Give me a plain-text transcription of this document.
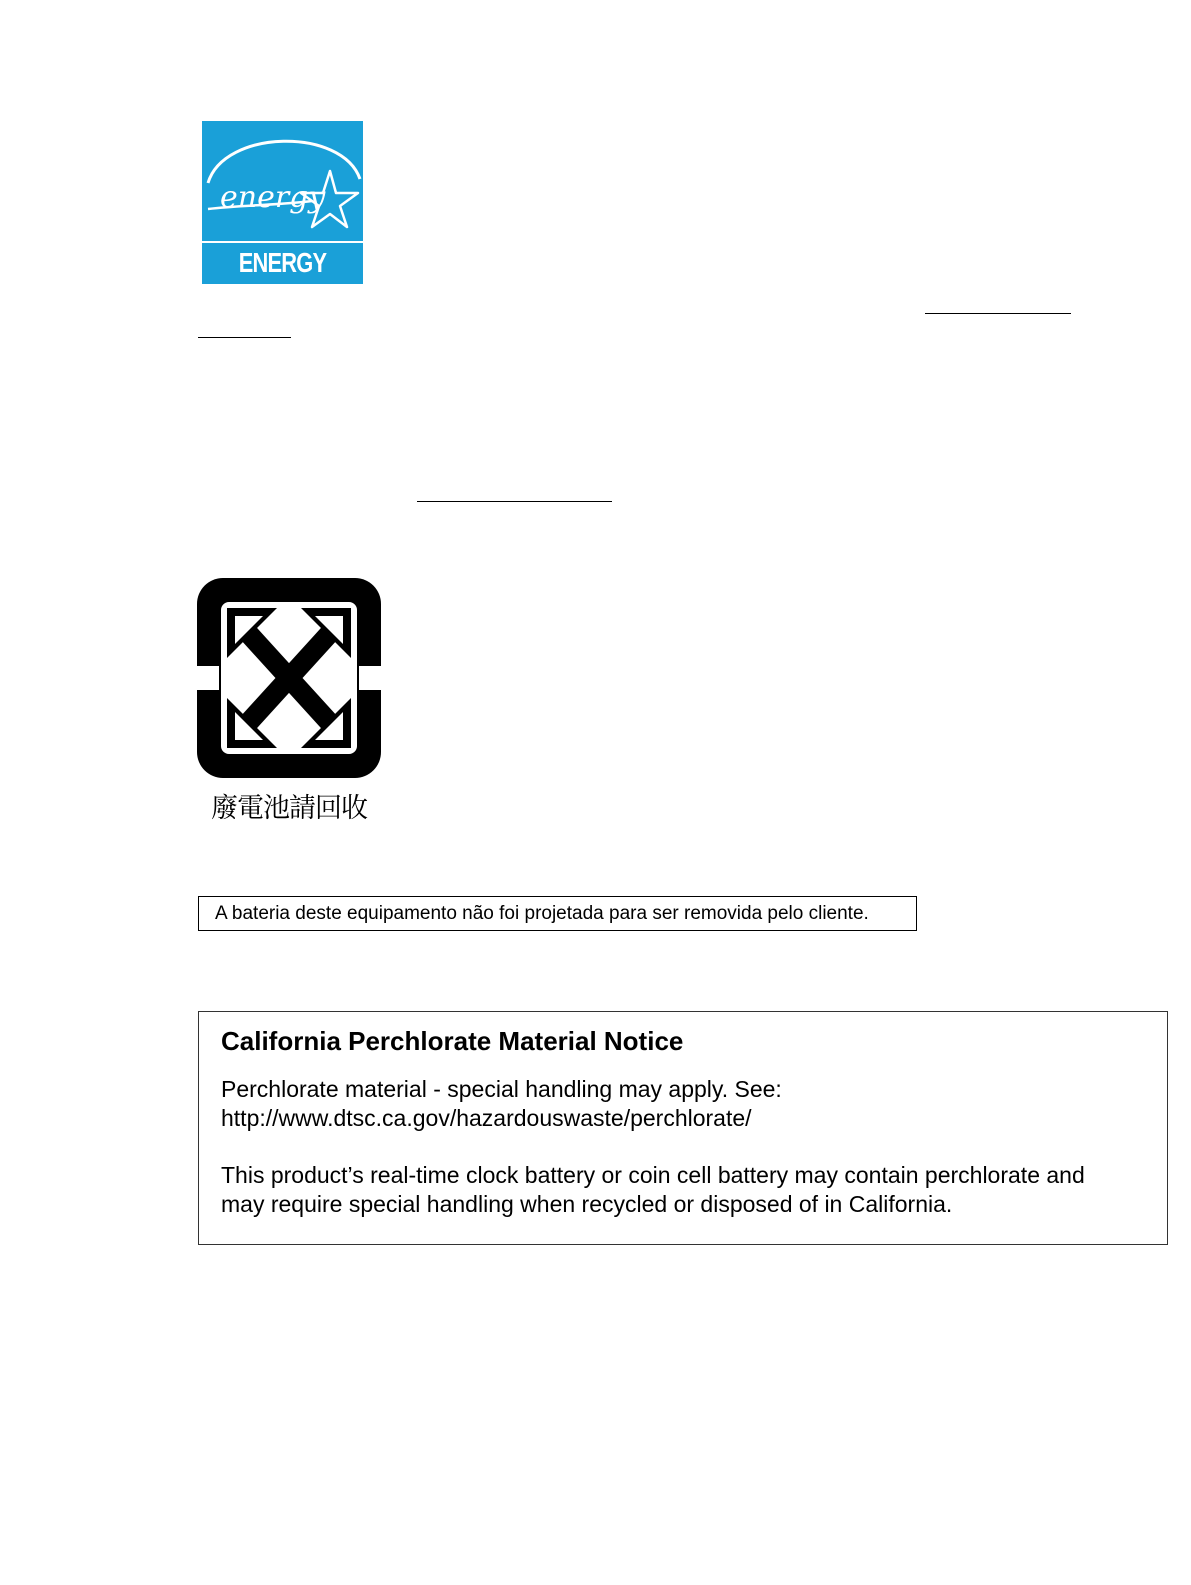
energy
ENERGY STAR
廢電池請回收
A bateria deste equipamento não foi projetada para ser removida pelo cliente.
California Perchlorate Material Notice
Perchlorate material - special handling may apply. See:
http://www.dtsc.ca.gov/hazardouswaste/perchlorate/
This product’s real-time clock battery or coin cell battery may contain perchlorate and
may require special handling when recycled or disposed of in California.
